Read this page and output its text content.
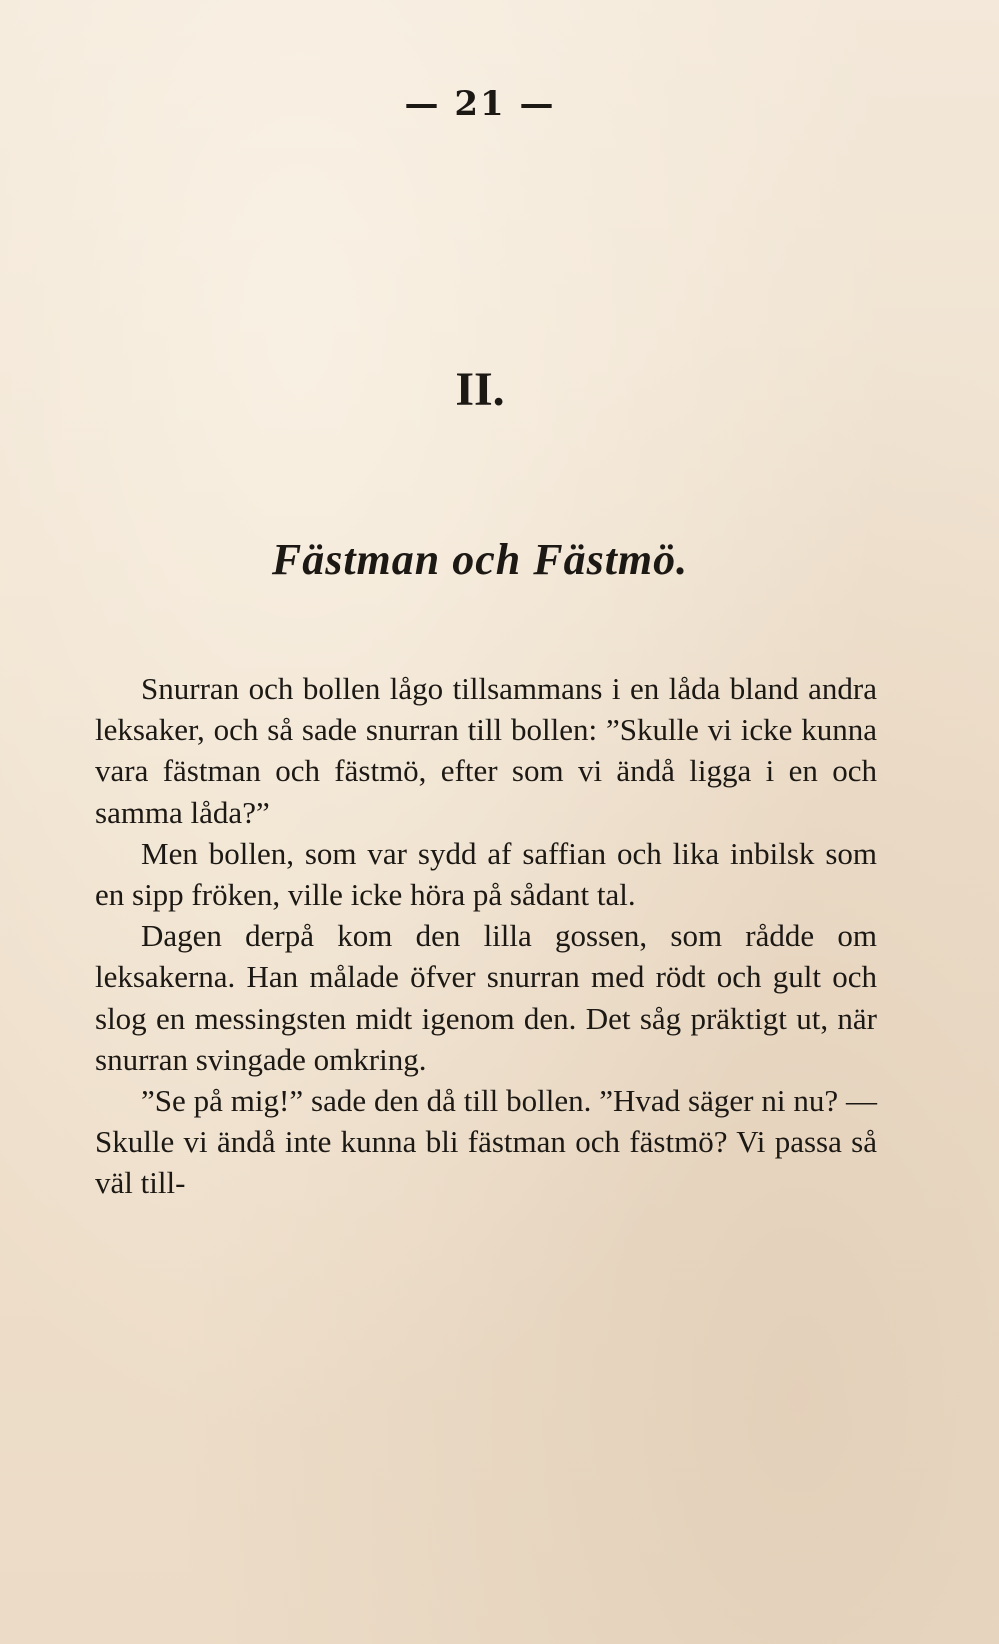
— 21 —
II.
Fästman och Fästmö.

Snurran och bollen lågo tillsammans i en låda bland andra leksaker, och så sade snurran till bollen: ”Skulle vi icke kunna vara fästman och fästmö, efter som vi ändå ligga i en och samma låda?”

Men bollen, som var sydd af saffian och lika inbilsk som en sipp fröken, ville icke höra på sådant tal.

Dagen derpå kom den lilla gossen, som rådde om leksakerna. Han målade öfver snurran med rödt och gult och slog en messingsten midt igenom den. Det såg präktigt ut, när snurran svingade omkring.

”Se på mig!” sade den då till bollen. ”Hvad säger ni nu? — Skulle vi ändå inte kunna bli fästman och fästmö? Vi passa så väl till-
